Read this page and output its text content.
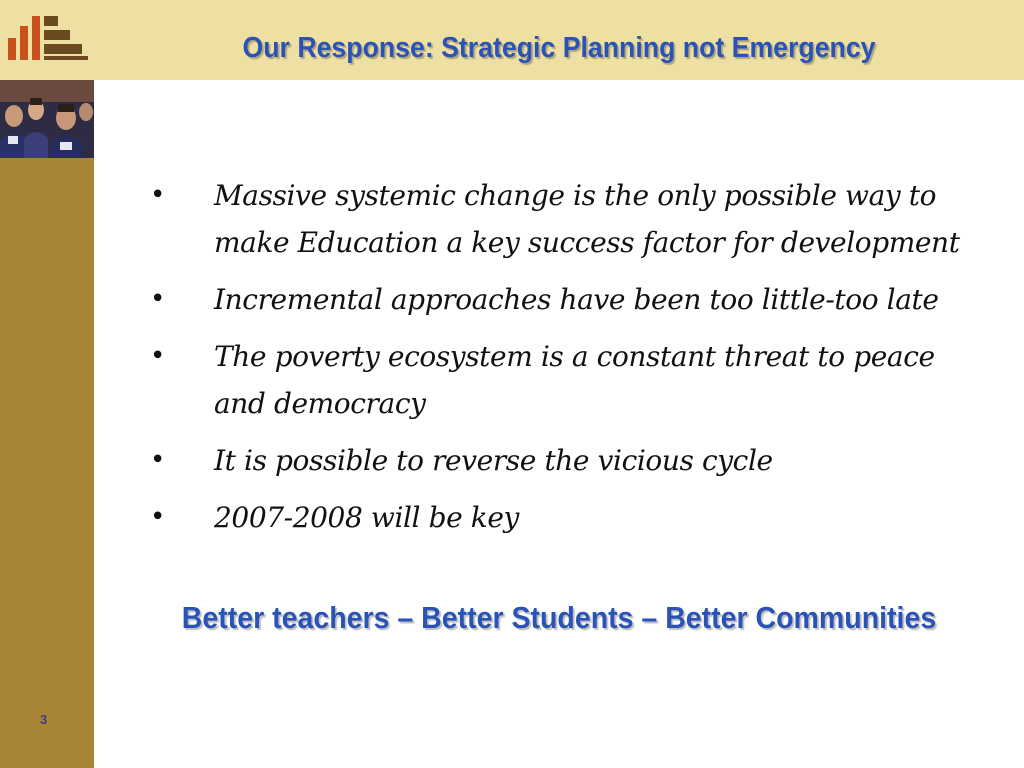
Our Response: Strategic Planning not Emergency
• Massive systemic change is the only possible way to make Education a key success factor for development
• Incremental approaches have been too little-too late
• The poverty ecosystem is a constant threat to peace and democracy
• It is possible to reverse the vicious cycle
• 2007-2008 will be key
Better teachers – Better Students – Better Communities
3
